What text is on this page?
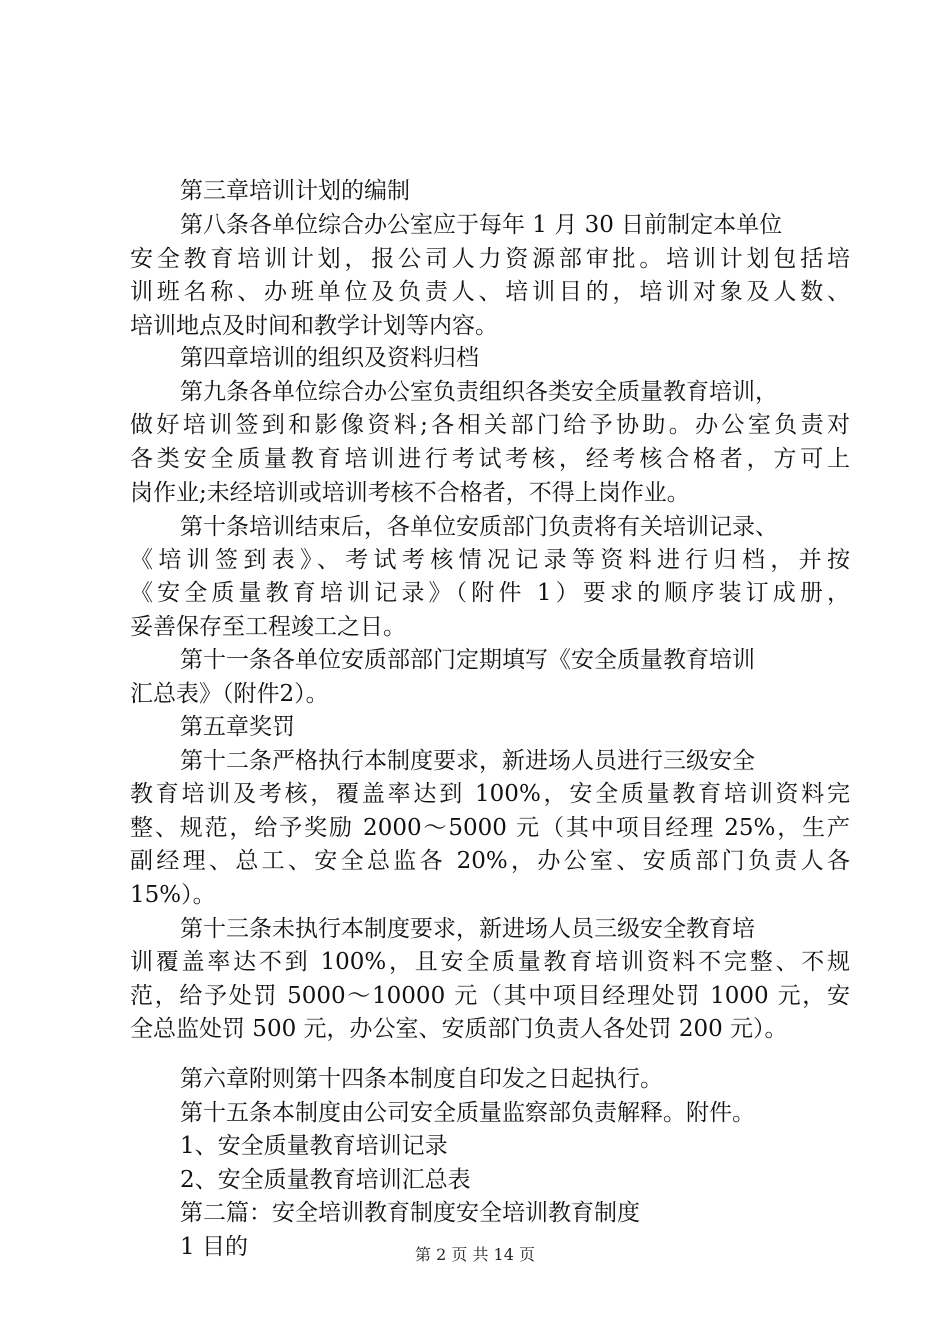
第三章培训计划的编制
第八条各单位综合办公室应于每年 1 月 30 日前制定本单位
安全教育培训计划，报公司人力资源部审批。培训计划包括培
训班名称、办班单位及负责人、培训目的，培训对象及人数、
培训地点及时间和教学计划等内容。
第四章培训的组织及资料归档
第九条各单位综合办公室负责组织各类安全质量教育培训，
做好培训签到和影像资料;各相关部门给予协助。办公室负责对
各类安全质量教育培训进行考试考核，经考核合格者，方可上
岗作业;未经培训或培训考核不合格者，不得上岗作业。
第十条培训结束后，各单位安质部门负责将有关培训记录、
《培训签到表》、考试考核情况记录等资料进行归档，并按
《安全质量教育培训记录》（附件 1）要求的顺序装订成册，
妥善保存至工程竣工之日。
第十一条各单位安质部部门定期填写《安全质量教育培训
汇总表》（附件2）。
第五章奖罚
第十二条严格执行本制度要求，新进场人员进行三级安全
教育培训及考核，覆盖率达到 100%，安全质量教育培训资料完
整、规范，给予奖励 2000～5000 元（其中项目经理 25%，生产
副经理、总工、安全总监各 20%，办公室、安质部门负责人各
15%）。
第十三条未执行本制度要求，新进场人员三级安全教育培
训覆盖率达不到 100%，且安全质量教育培训资料不完整、不规
范，给予处罚 5000～10000 元（其中项目经理处罚 1000 元，安
全总监处罚 500 元，办公室、安质部门负责人各处罚 200 元）。
第六章附则第十四条本制度自印发之日起执行。
第十五条本制度由公司安全质量监察部负责解释。附件。
1、安全质量教育培训记录
2、安全质量教育培训汇总表
第二篇：安全培训教育制度安全培训教育制度
1 目的	第 2 页 共 14 页
